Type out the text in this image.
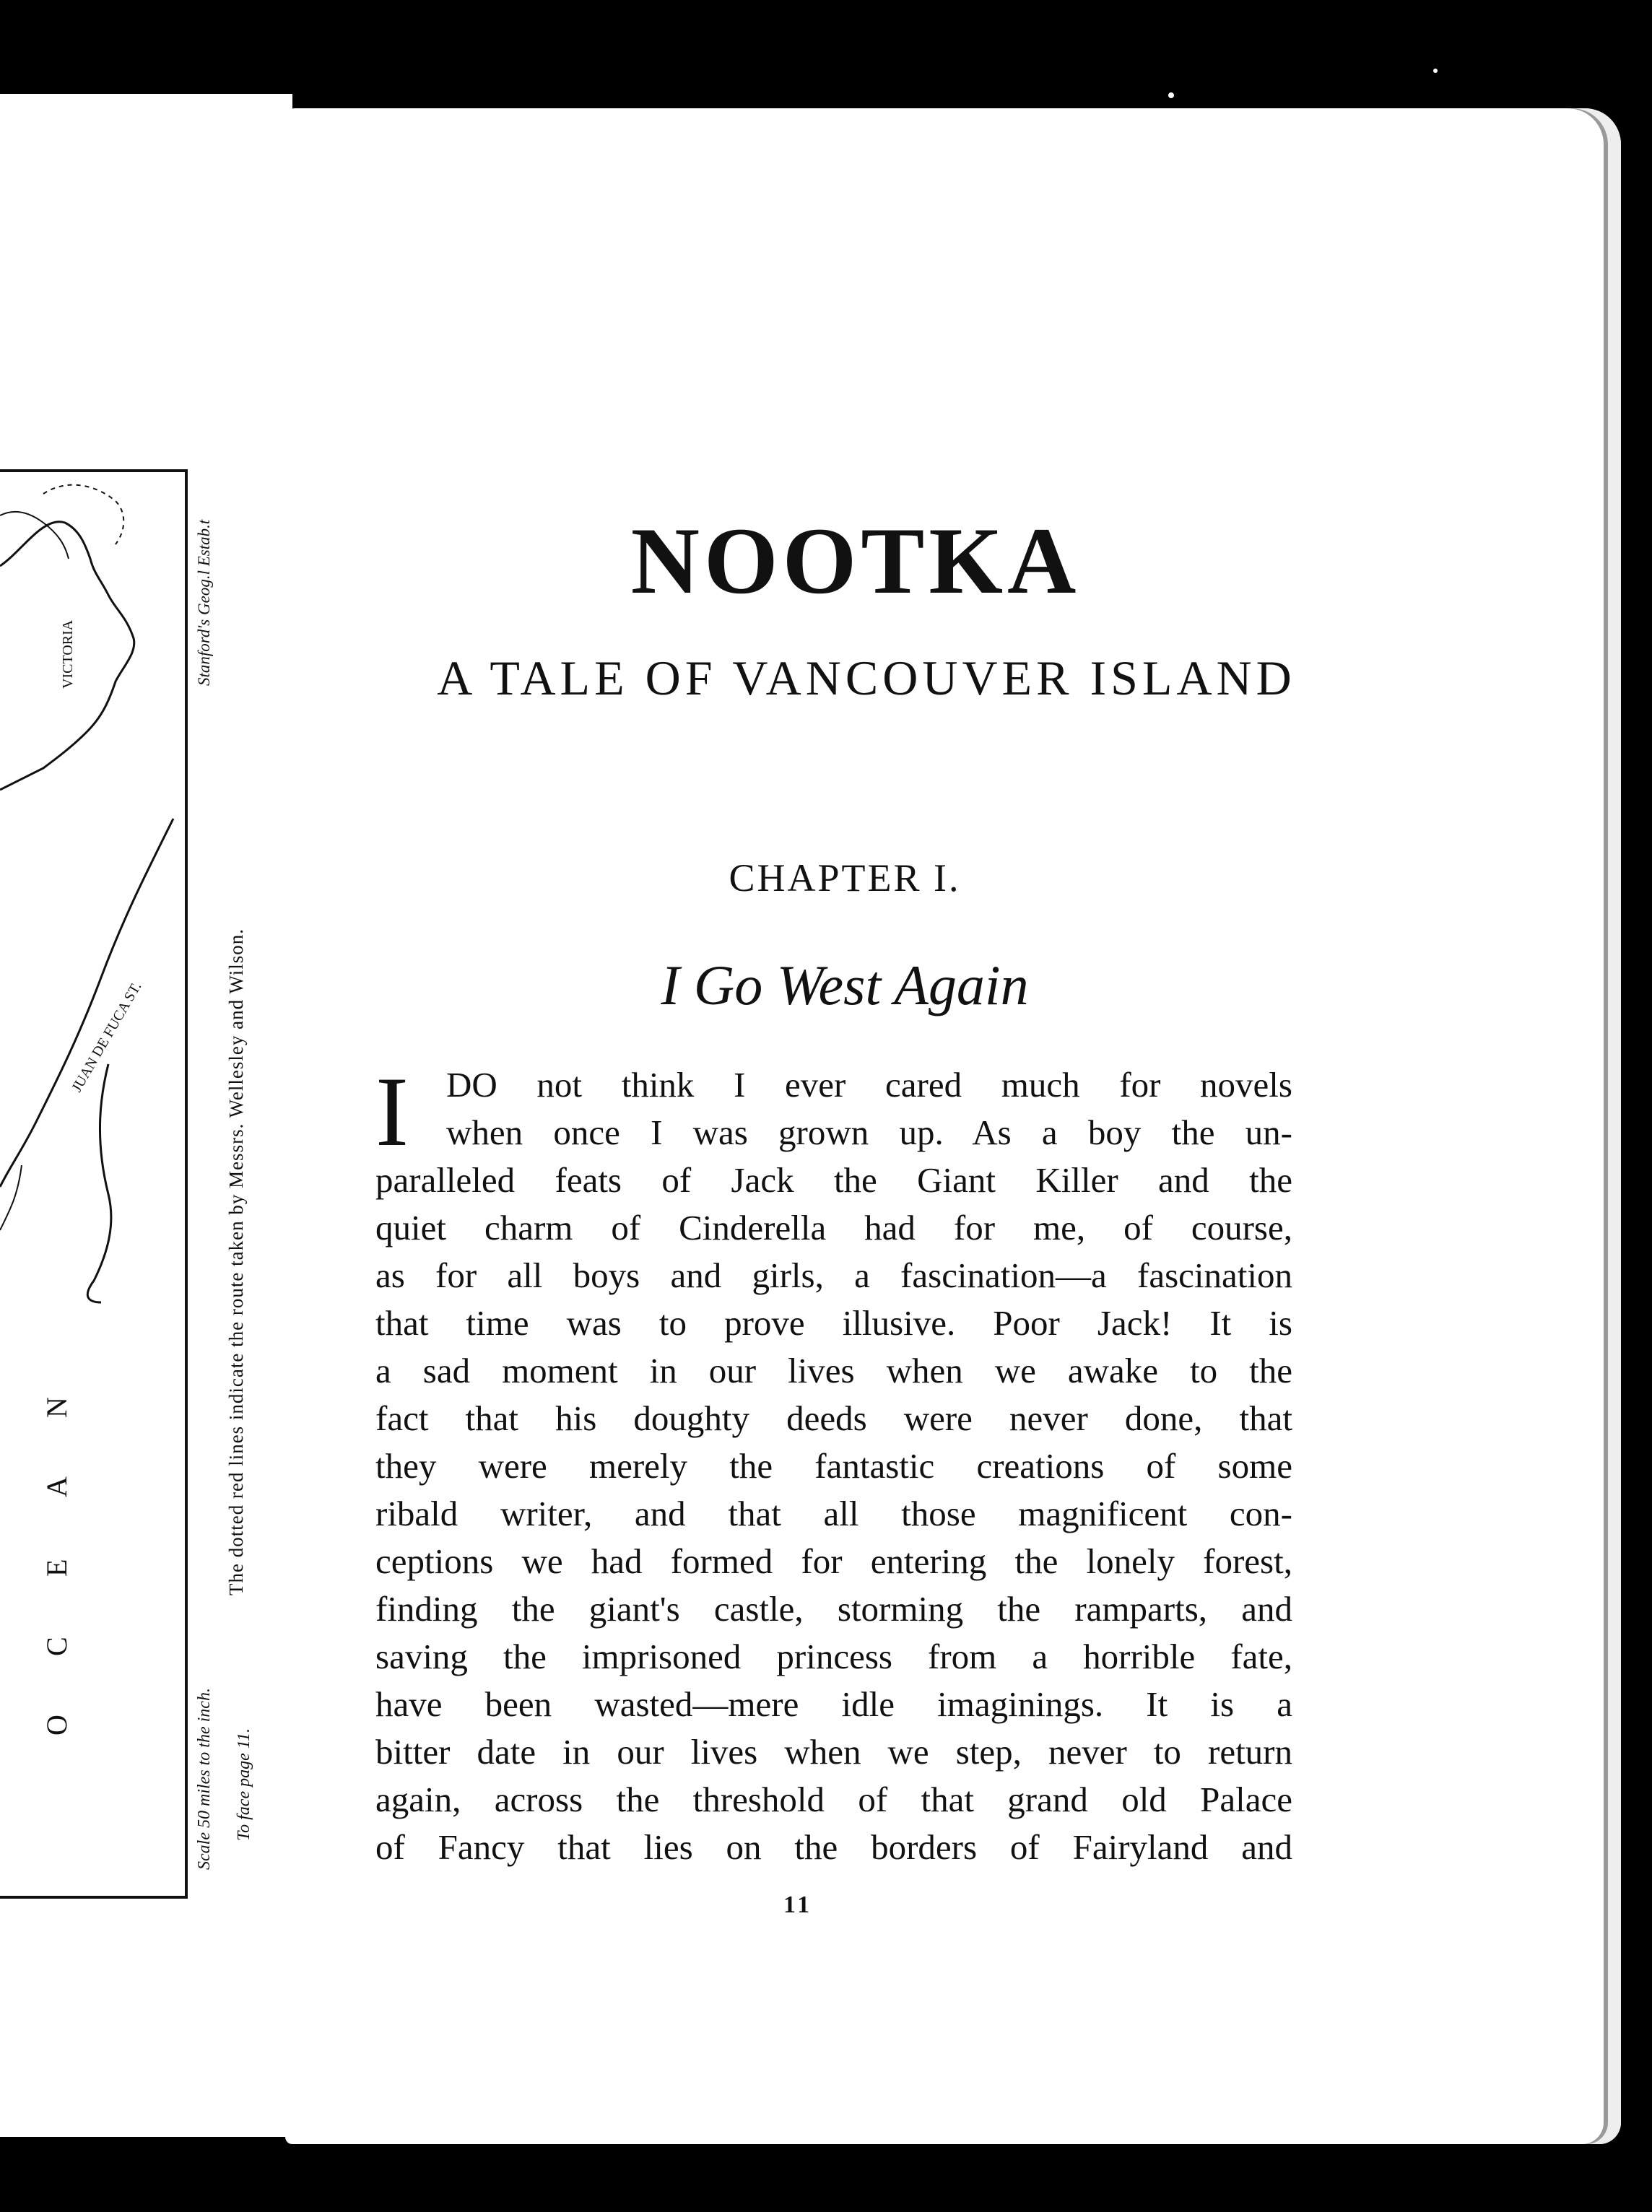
VICTORIA
JUAN DE FUCA ST.
N
A
E
C
O
Stanford's Geog.l Estab.t
The dotted red lines indicate the route taken by Messrs. Wellesley and Wilson.
Scale 50 miles to the inch. To face page 11.
NOOTKA
A TALE OF VANCOUVER ISLAND
CHAPTER I.
I Go West Again
I	DO not think I ever cared much for novels
when once I was grown up. As a boy the un-
paralleled feats of Jack the Giant Killer and the
quiet charm of Cinderella had for me, of course,
as for all boys and girls, a fascination—a fascination
that time was to prove illusive. Poor Jack! It is
a sad moment in our lives when we awake to the
fact that his doughty deeds were never done, that
they were merely the fantastic creations of some
ribald writer, and that all those magnificent con-
ceptions we had formed for entering the lonely forest,
finding the giant's castle, storming the ramparts, and
saving the imprisoned princess from a horrible fate,
have been wasted—mere idle imaginings. It is a
bitter date in our lives when we step, never to return
again, across the threshold of that grand old Palace
of Fancy that lies on the borders of Fairyland and
11
